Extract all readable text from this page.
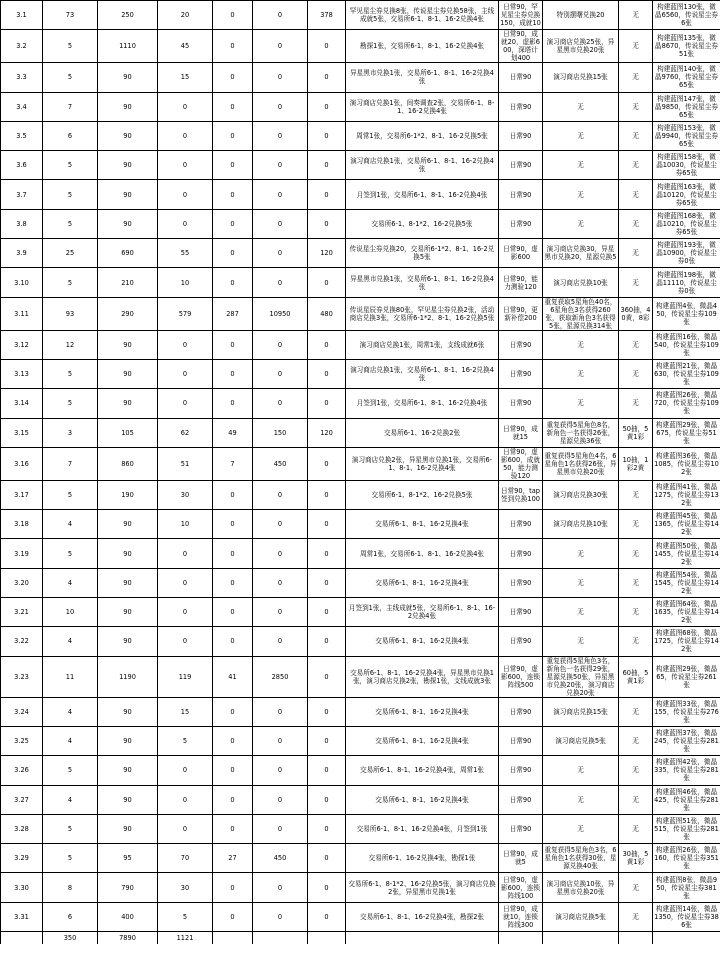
3.1	73	250	20	0	0	378	罕见星尘券兑换8张，传说星尘券兑换58张，主线成就5张，交易所6-1、8-1、16-2兑换4张	日常90，罕见星尘券兑换150，成就10	特别摆曙兑换20	无	构建蓝图130张，微晶6560，传说星尘券6张
3.2	5	1110	45	0	0	0	勘探1张，交易所6-1、8-1、16-2兑换4张	日常90，成就20，虚影600，深塔计划400	演习商店兑换25张，异星黑市兑换20张	无	构建蓝图135张，微晶8670，传说星尘券51张
3.3	5	90	15	0	0	0	异星黑市兑换1张，交易所6-1、8-1、16-2兑换4张	日常90	演习商店兑换15张	无	构建蓝图140张，微晶9760，传说星尘券65张
3.4	7	90	0	0	0	0	演习商店兑换1张，间奏调查2张，交易所6-1、8-1、16-2兑换4张	日常90	无	无	构建蓝图147张，微晶9850，传说星尘券65张
3.5	6	90	0	0	0	0	周常1张，交易所6-1*2、8-1、16-2兑换5张	日常90	无	无	构建蓝图153张，微晶9940，传说星尘券65张
3.6	5	90	0	0	0	0	演习商店兑换1张，交易所6-1、8-1、16-2兑换4张	日常90	无	无	构建蓝图158张，微晶10030，传说星尘券65张
3.7	5	90	0	0	0	0	月签到1张，交易所6-1、8-1、16-2兑换4张	日常90	无	无	构建蓝图163张，微晶10120，传说星尘券65张
3.8	5	90	0	0	0	0	交易所6-1、8-1*2、16-2兑换5张	日常90	无	无	构建蓝图168张，微晶10210，传说星尘券65张
3.9	25	690	55	0	0	120	传说星尘券兑换20，交易所6-1*2、8-1、16-2兑换5张	日常90，虚影600	演习商店兑换30，异星黑市兑换20，星源兑换5	无	构建蓝图193张，微晶10900，传说星尘券0张
3.10	5	210	10	0	0	0	异星黑市兑换1张，交易所6-1、8-1、16-2兑换4张	日常90，能力测验120	演习商店兑换10张	无	构建蓝图198张，微晶11110，传说星尘券0张
3.11	93	290	579	287	10950	480	传说星辰券兑换80张，罕见星尘券兑换2张，活动商店兑换3张，交易所6-1*2、8-1、16-2兑换5张	日常90，更新补偿200	重复获取5星角色40名，6星角色3名获得260张，获取新角色3名获得5张，星源兑换314张	360抽，40黄，8彩	构建蓝图4张，微晶450，传说星尘券109张
3.12	12	90	0	0	0	0	演习商店兑换1张，周常1张，支线成就6张	日常90	无	无	构建蓝图16张，微晶540，传说星尘券109张
3.13	5	90	0	0	0	0	演习商店兑换1张，交易所6-1、8-1、16-2兑换4张	日常90	无	无	构建蓝图21张，微晶630，传说星尘券109张
3.14	5	90	0	0	0	0	月签到1张，交易所6-1、8-1、16-2兑换4张	日常90	无	无	构建蓝图26张，微晶720，传说星尘券109张
3.15	3	105	62	49	150	120	交易所6-1、16-2兑换2张	日常90，成就15	重复获得5星角色8名，新角色一名获得26张，星源兑换36张	50抽，5黄1彩	构建蓝图29张，微晶675，传说星尘券51张
3.16	7	860	51	7	450	0	演习商店兑换2张，异星黑市兑换1张，交易所6-1、8-1、16-2兑换4张	日常90，虚影600，成就50，能力测验120	重复获得5星角色4名，6星角色1名获得26张，异星黑市兑换20张	10抽，1彩2黄	构建蓝图36张，微晶1085，传说星尘券102张
3.17	5	190	30	0	0	0	交易所6-1、8-1*2、16-2兑换5张	日常90，tap签到兑换100	演习商店兑换30张	无	构建蓝图41张，微晶1275，传说星尘券132张
3.18	4	90	10	0	0	0	交易所6-1、8-1、16-2兑换4张	日常90	演习商店兑换10张	无	构建蓝图45张，微晶1365，传说星尘券142张
3.19	5	90	0	0	0	0	周常1张，交易所6-1、8-1、16-2兑换4张	日常90	无	无	构建蓝图50张，微晶1455，传说星尘券142张
3.20	4	90	0	0	0	0	交易所6-1、8-1、16-2兑换4张	日常90	无	无	构建蓝图54张，微晶1545，传说星尘券142张
3.21	10	90	0	0	0	0	月签到1张，主线成就5张，交易所6-1、8-1、16-2兑换4张	日常90	无	无	构建蓝图64张，微晶1635，传说星尘券142张
3.22	4	90	0	0	0	0	交易所6-1、8-1、16-2兑换4张	日常90	无	无	构建蓝图68张，微晶1725，传说星尘券142张
3.23	11	1190	119	41	2850	0	交易所6-1、8-1、16-2兑换4张，异星黑市兑换1张，演习商店兑换2张，勘探1张，支线成就3张	日常90，虚影600，连锁阵线500	重复获得5星角色3名，新角色一名获得29张，星源兑换50张，异星黑市兑换20张，演习商店兑换20张	60抽，5黄1彩	构建蓝图29张，微晶65，传说星尘券261张
3.24	4	90	15	0	0	0	交易所6-1、8-1、16-2兑换4张	日常90	演习商店兑换15张	无	构建蓝图33张，微晶155，传说星尘券276张
3.25	4	90	5	0	0	0	交易所6-1、8-1、16-2兑换4张	日常90	演习商店兑换5张	无	构建蓝图37张，微晶245，传说星尘券281张
3.26	5	90	0	0	0	0	交易所6-1、8-1、16-2兑换4张，周常1张	日常90	无	无	构建蓝图42张，微晶335，传说星尘券281张
3.27	4	90	0	0	0	0	交易所6-1、8-1、16-2兑换4张	日常90	无	无	构建蓝图46张，微晶425，传说星尘券281张
3.28	5	90	0	0	0	0	交易所6-1、8-1、16-2兑换4张，月签到1张	日常90	无	无	构建蓝图51张，微晶515，传说星尘券281张
3.29	5	95	70	27	450	0	交易所6-1、16-2兑换4张，勘探1张	日常90，成就5	重复获得5星角色3名，6星角色1名获得30张，星源兑换40张	30抽，5黄1彩	构建蓝图26张，微晶160，传说星尘券351张
3.30	8	790	30	0	0	0	交易所6-1、8-1*2、16-2兑换5张，演习商店兑换2张，异星黑市兑换1张	日常90，虚影600，连锁阵线100	演习商店兑换10张，异星黑市兑换20张	无	构建蓝图8张，微晶950，传说星尘券381张
3.31	6	400	5	0	0	0	交易所6-1、8-1、16-2兑换4张，勘探2张	日常90，成就10，连锁阵线300	演习商店兑换5张	无	构建蓝图14张，微晶1350，传说星尘券386张
	350	7890	1121								
